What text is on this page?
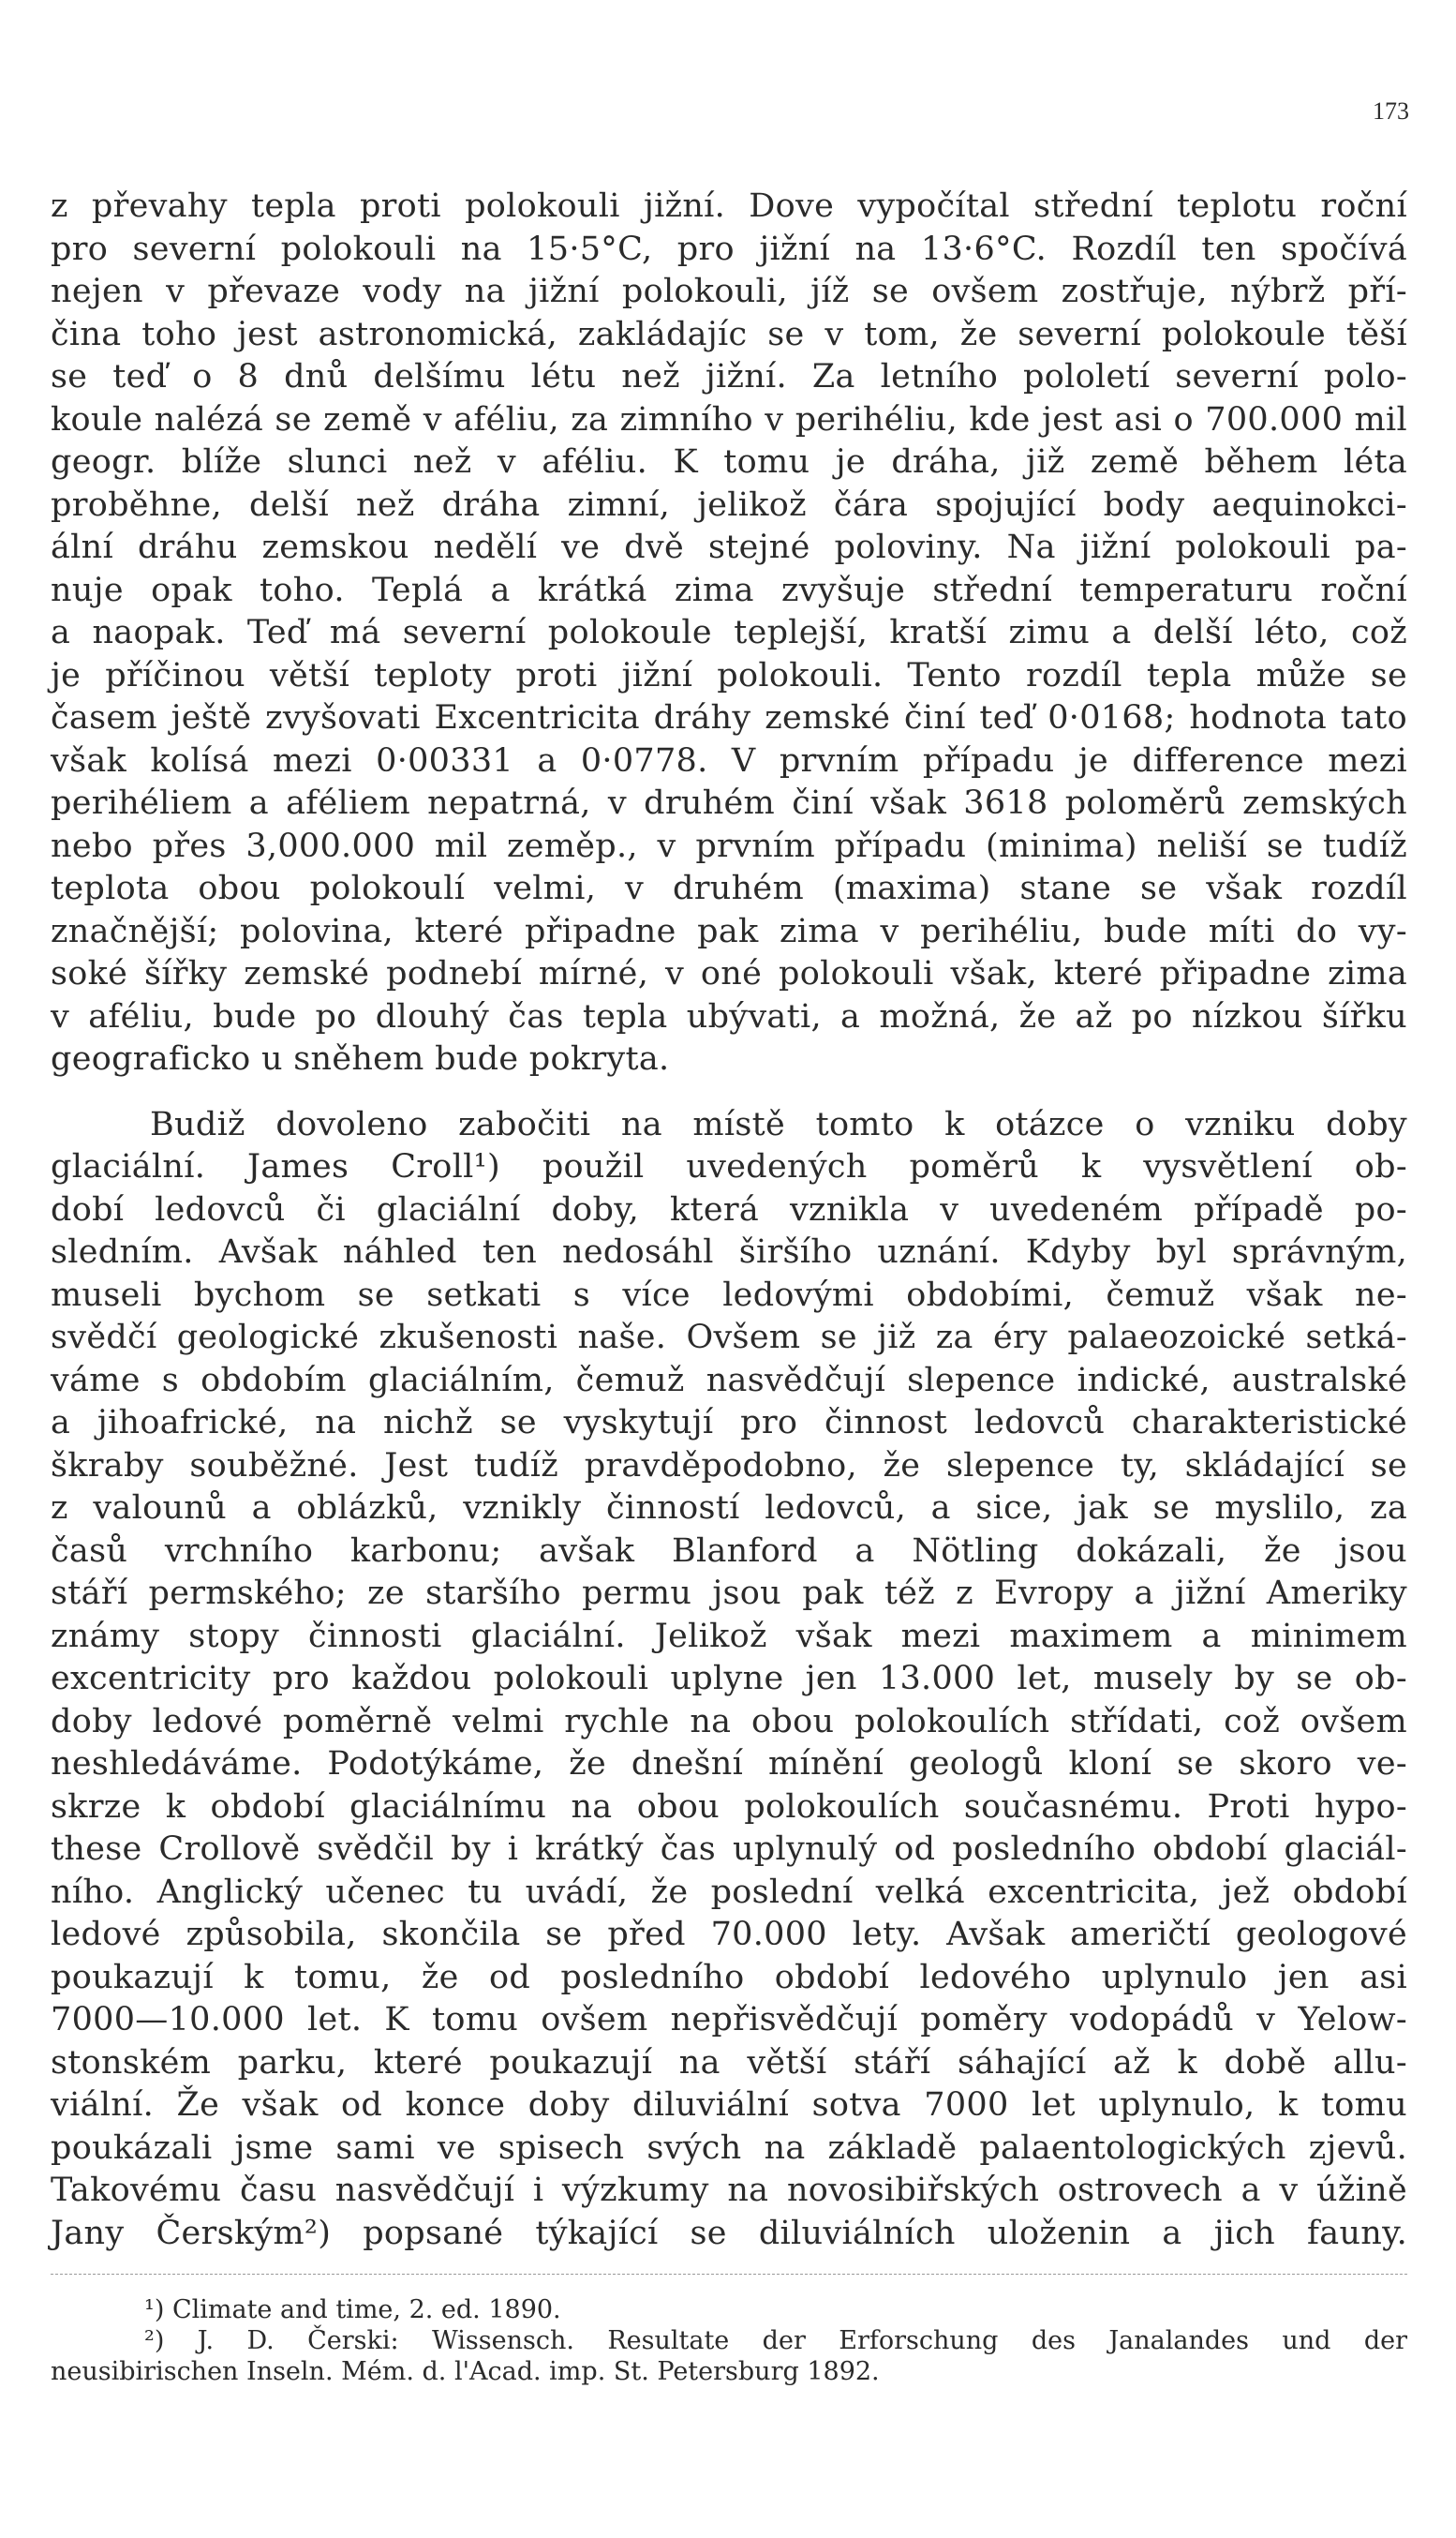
173
z převahy tepla proti polokouli jižní. Dove vypočítal střední teplotu roční
pro severní polokouli na 15·5°C, pro jižní na 13·6°C. Rozdíl ten spočívá
nejen v převaze vody na jižní polokouli, jíž se ovšem zostřuje, nýbrž pří-
čina toho jest astronomická, zakládajíc se v tom, že severní polokoule těší
se teď o 8 dnů delšímu létu než jižní. Za letního pololetí severní polo-
koule nalézá se země v aféliu, za zimního v perihéliu, kde jest asi o 700.000 mil
geogr. blíže slunci než v aféliu. K tomu je dráha, již země během léta
proběhne, delší než dráha zimní, jelikož čára spojující body aequinokci-
ální dráhu zemskou nedělí ve dvě stejné poloviny. Na jižní polokouli pa-
nuje opak toho. Teplá a krátká zima zvyšuje střední temperaturu roční
a naopak. Teď má severní polokoule teplejší, kratší zimu a delší léto, což
je příčinou větší teploty proti jižní polokouli. Tento rozdíl tepla může se
časem ještě zvyšovati Excentricita dráhy zemské činí teď 0·0168; hodnota tato
však kolísá mezi 0·00331 a 0·0778. V prvním případu je difference mezi
perihéliem a aféliem nepatrná, v druhém činí však 3618 poloměrů zemských
nebo přes 3,000.000 mil zeměp., v prvním případu (minima) neliší se tudíž
teplota obou polokoulí velmi, v druhém (maxima) stane se však rozdíl
značnější; polovina, které připadne pak zima v perihéliu, bude míti do vy-
soké šířky zemské podnebí mírné, v oné polokouli však, které připadne zima
v aféliu, bude po dlouhý čas tepla ubývati, a možná, že až po nízkou šířku
geograficko u sněhem bude pokryta.
Budiž dovoleno zabočiti na místě tomto k otázce o vzniku doby
glaciální. James Croll¹) použil uvedených poměrů k vysvětlení ob-
dobí ledovců či glaciální doby, která vznikla v uvedeném případě po-
sledním. Avšak náhled ten nedosáhl širšího uznání. Kdyby byl správným,
museli bychom se setkati s více ledovými obdobími, čemuž však ne-
svědčí geologické zkušenosti naše. Ovšem se již za éry palaeozoické setká-
váme s obdobím glaciálním, čemuž nasvědčují slepence indické, australské
a jihoafrické, na nichž se vyskytují pro činnost ledovců charakteristické
škraby souběžné. Jest tudíž pravděpodobno, že slepence ty, skládající se
z valounů a oblázků, vznikly činností ledovců, a sice, jak se myslilo, za
časů vrchního karbonu; avšak Blanford a Nötling dokázali, že jsou
stáří permského; ze staršího permu jsou pak též z Evropy a jižní Ameriky
známy stopy činnosti glaciální. Jelikož však mezi maximem a minimem
excentricity pro každou polokouli uplyne jen 13.000 let, musely by se ob-
doby ledové poměrně velmi rychle na obou polokoulích střídati, což ovšem
neshledáváme. Podotýkáme, že dnešní mínění geologů kloní se skoro ve-
skrze k období glaciálnímu na obou polokoulích současnému. Proti hypo-
these Crollově svědčil by i krátký čas uplynulý od posledního období glaciál-
ního. Anglický učenec tu uvádí, že poslední velká excentricita, jež období
ledové způsobila, skončila se před 70.000 lety. Avšak američtí geologové
poukazují k tomu, že od posledního období ledového uplynulo jen asi
7000—10.000 let. K tomu ovšem nepřisvědčují poměry vodopádů v Yelow-
stonském parku, které poukazují na větší stáří sáhající až k době allu-
viální. Že však od konce doby diluviální sotva 7000 let uplynulo, k tomu
poukázali jsme sami ve spisech svých na základě palaentologických zjevů.
Takovému času nasvědčují i výzkumy na novosibiřských ostrovech a v úžině
Jany Čerským²) popsané týkající se diluviálních uloženin a jich fauny.
¹) Climate and time, 2. ed. 1890.
²) J. D. Čerski: Wissensch. Resultate der Erforschung des Janalandes und der
neusibirischen Inseln. Mém. d. l'Acad. imp. St. Petersburg 1892.
